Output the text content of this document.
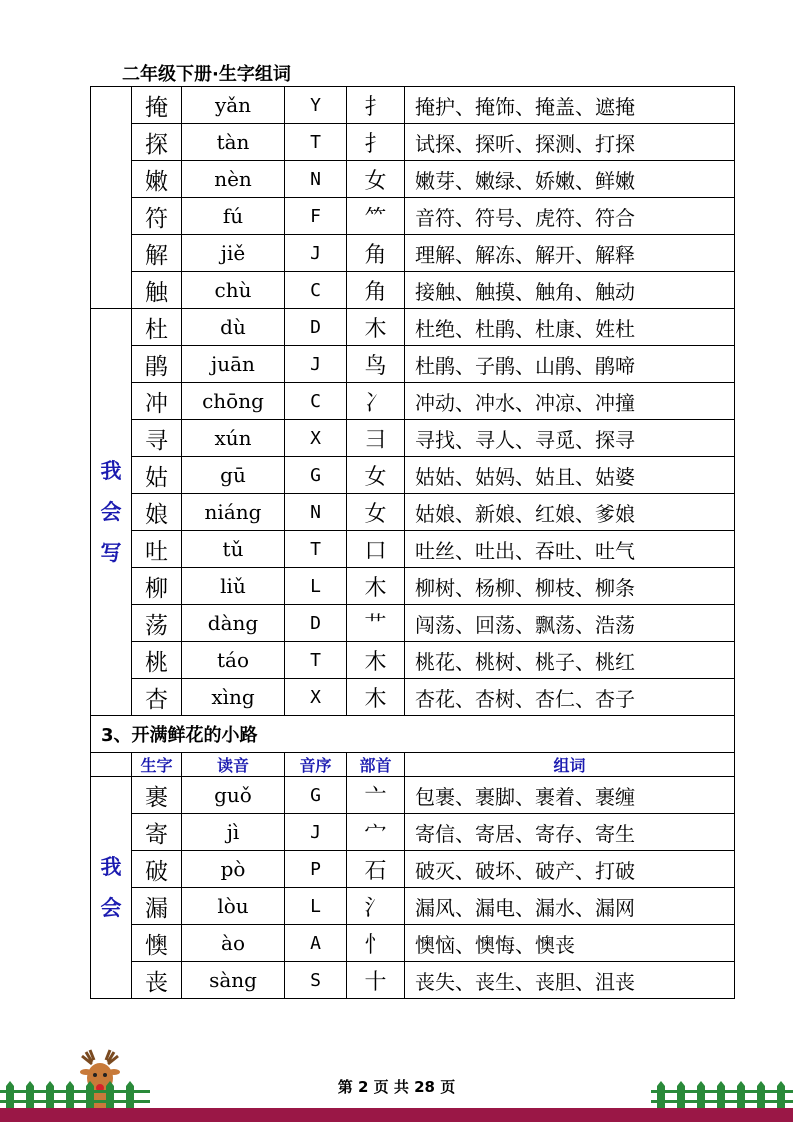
二年级下册·生字组词
	掩	yǎn	Y	扌	掩护、掩饰、掩盖、遮掩
	探	tàn	T	扌	试探、探听、探测、打探
	嫩	nèn	N	女	嫩芽、嫩绿、娇嫩、鲜嫩
	符	fú	F	⺮	音符、符号、虎符、符合
	解	jiě	J	角	理解、解冻、解开、解释
	触	chù	C	角	接触、触摸、触角、触动

我
会
写	杜	dù	D	木	杜绝、杜鹃、杜康、姓杜
	鹃	juān	J	鸟	杜鹃、子鹃、山鹃、鹃啼
	冲	chōng	C	冫	冲动、冲水、冲凉、冲撞
	寻	xún	X	彐	寻找、寻人、寻觅、探寻
	姑	gū	G	女	姑姑、姑妈、姑且、姑婆
	娘	niáng	N	女	姑娘、新娘、红娘、爹娘
	吐	tǔ	T	口	吐丝、吐出、吞吐、吐气
	柳	liǔ	L	木	柳树、杨柳、柳枝、柳条
	荡	dàng	D	艹	闯荡、回荡、飘荡、浩荡
	桃	táo	T	木	桃花、桃树、桃子、桃红
	杏	xìng	X	木	杏花、杏树、杏仁、杏子
3、开满鲜花的小路					
	生字	读音	音序	部首	组词

我
会	裹	guǒ	G	亠	包裹、裹脚、裹着、裹缠
	寄	jì	J	宀	寄信、寄居、寄存、寄生
	破	pò	P	石	破灭、破坏、破产、打破
	漏	lòu	L	氵	漏风、漏电、漏水、漏网
	懊	ào	A	忄	懊恼、懊悔、懊丧
	丧	sàng	S	十	丧失、丧生、丧胆、沮丧
第 2 页 共 28 页
